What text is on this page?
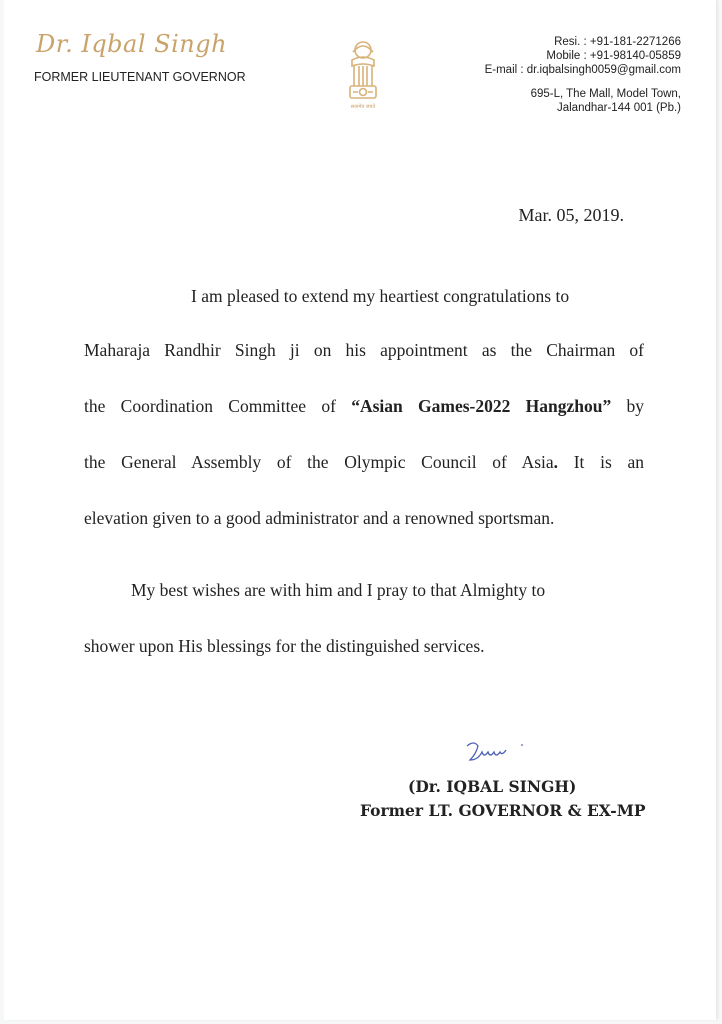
Dr. Iqbal Singh
FORMER LIEUTENANT GOVERNOR
सत्यमेव जयते
Resi. : +91-181-2271266
Mobile : +91-98140-05859
E-mail : dr.iqbalsingh0059@gmail.com
695-L, The Mall, Model Town,
Jalandhar-144 001 (Pb.)
Mar. 05, 2019.
I am pleased to extend my heartiest congratulations to
Maharaja Randhir Singh ji on his appointment as the Chairman of
the Coordination Committee of “Asian Games-2022 Hangzhou” by
the General Assembly of the Olympic Council of Asia. It is an
elevation given to a good administrator and a renowned sportsman.
My best wishes are with him and I pray to that Almighty to
shower upon His blessings for the distinguished services.
(Dr. IQBAL SINGH)
Former LT. GOVERNOR & EX-MP
